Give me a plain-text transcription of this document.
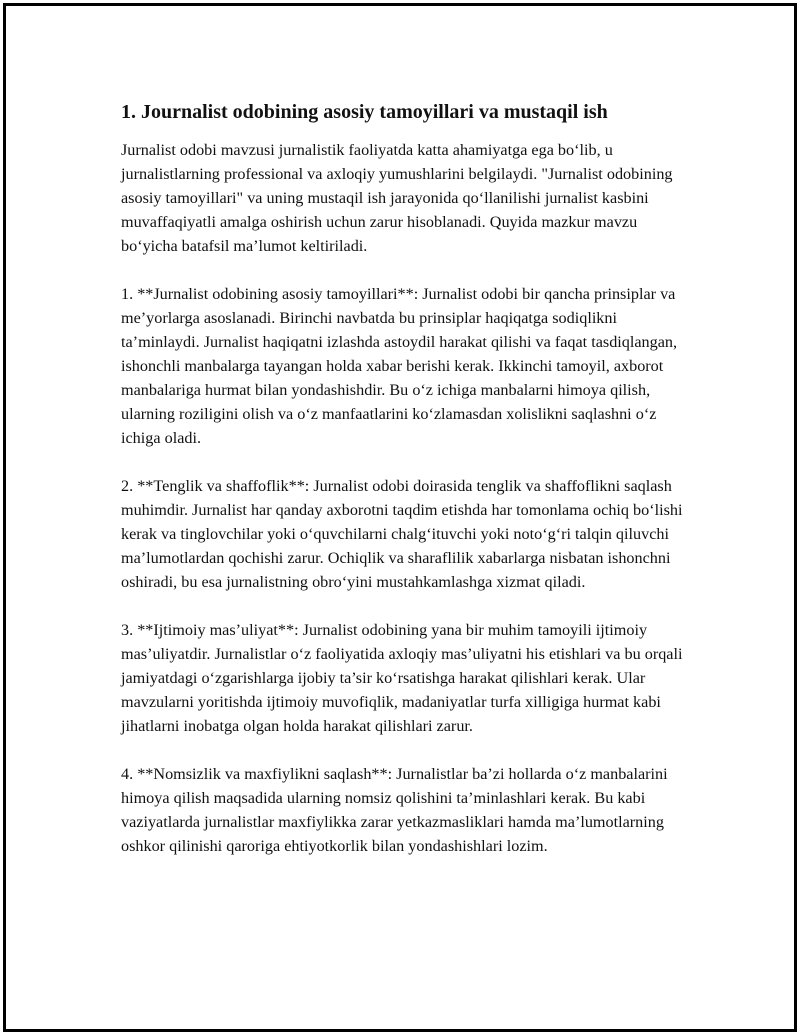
1. Journalist odobining asosiy tamoyillari va mustaqil ish

Jurnalist odobi mavzusi jurnalistik faoliyatda katta ahamiyatga ega bo‘lib, u jurnalistlarning professional va axloqiy yumushlarini belgilaydi. "Jurnalist odobining asosiy tamoyillari" va uning mustaqil ish jarayonida qo‘llanilishi jurnalist kasbini muvaffaqiyatli amalga oshirish uchun zarur hisoblanadi. Quyida mazkur mavzu bo‘yicha batafsil ma’lumot keltiriladi.

1. **Jurnalist odobining asosiy tamoyillari**: Jurnalist odobi bir qancha prinsiplar va me’yorlarga asoslanadi. Birinchi navbatda bu prinsiplar haqiqatga sodiqlikni ta’minlaydi. Jurnalist haqiqatni izlashda astoydil harakat qilishi va faqat tasdiqlangan, ishonchli manbalarga tayangan holda xabar berishi kerak. Ikkinchi tamoyil, axborot manbalariga hurmat bilan yondashishdir. Bu o‘z ichiga manbalarni himoya qilish, ularning roziligini olish va o‘z manfaatlarini ko‘zlamasdan xolislikni saqlashni o‘z ichiga oladi.

2. **Tenglik va shaffoflik**: Jurnalist odobi doirasida tenglik va shaffoflikni saqlash muhimdir. Jurnalist har qanday axborotni taqdim etishda har tomonlama ochiq bo‘lishi kerak va tinglovchilar yoki o‘quvchilarni chalg‘ituvchi yoki noto‘g‘ri talqin qiluvchi ma’lumotlardan qochishi zarur. Ochiqlik va sharaflilik xabarlarga nisbatan ishonchni oshiradi, bu esa jurnalistning obro‘yini mustahkamlashga xizmat qiladi.

3. **Ijtimoiy mas’uliyat**: Jurnalist odobining yana bir muhim tamoyili ijtimoiy mas’uliyatdir. Jurnalistlar o‘z faoliyatida axloqiy mas’uliyatni his etishlari va bu orqali jamiyatdagi o‘zgarishlarga ijobiy ta’sir ko‘rsatishga harakat qilishlari kerak. Ular mavzularni yoritishda ijtimoiy muvofiqlik, madaniyatlar turfa xilligiga hurmat kabi jihatlarni inobatga olgan holda harakat qilishlari zarur.

4. **Nomsizlik va maxfiylikni saqlash**: Jurnalistlar ba’zi hollarda o‘z manbalarini himoya qilish maqsadida ularning nomsiz qolishini ta’minlashlari kerak. Bu kabi vaziyatlarda jurnalistlar maxfiylikka zarar yetkazmasliklari hamda ma’lumotlarning oshkor qilinishi qaroriga ehtiyotkorlik bilan yondashishlari lozim.
